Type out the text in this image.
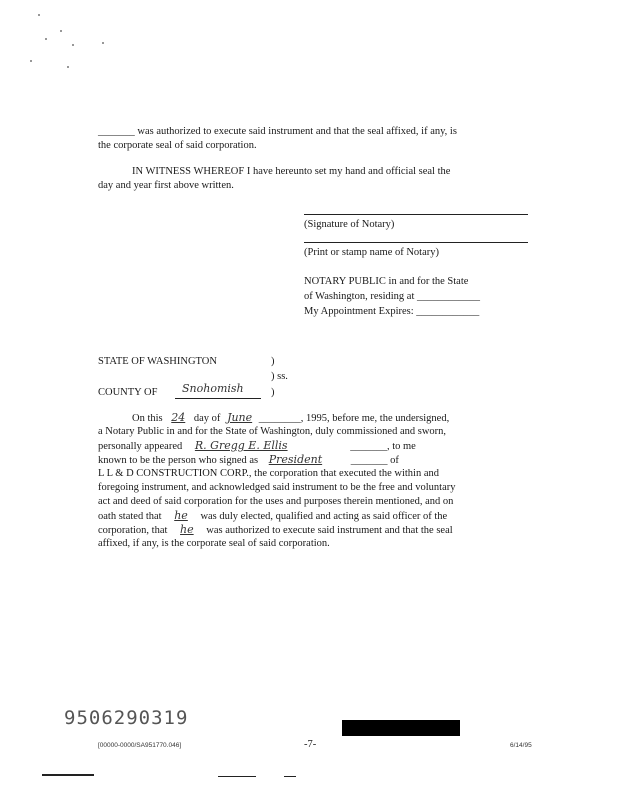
_______ was authorized to execute said instrument and that the seal affixed, if any, is
the corporate seal of said corporation.
IN WITNESS WHEREOF I have hereunto set my hand and official seal the
day and year first above written.
(Signature of Notary)
(Print or stamp name of Notary)
NOTARY PUBLIC in and for the State
of Washington, residing at ____________
My Appointment Expires: ____________
STATE OF WASHINGTON	)
) ss.
COUNTY OF Snohomish	)
On this 24 day of June ________, 1995, before me, the undersigned,
a Notary Public in and for the State of Washington, duly commissioned and sworn,
personally appeared R. Gregg E. Ellis	_______, to me
known to be the person who signed as President	_______ of
L L & D CONSTRUCTION CORP., the corporation that executed the within and
foregoing instrument, and acknowledged said instrument to be the free and voluntary
act and deed of said corporation for the uses and purposes therein mentioned, and on
oath stated that he was duly elected, qualified and acting as said officer of the
corporation, that he was authorized to execute said instrument and that the seal
affixed, if any, is the corporate seal of said corporation.
9506290319
[00000-0000/SA951770.046]	-7-	6/14/95
